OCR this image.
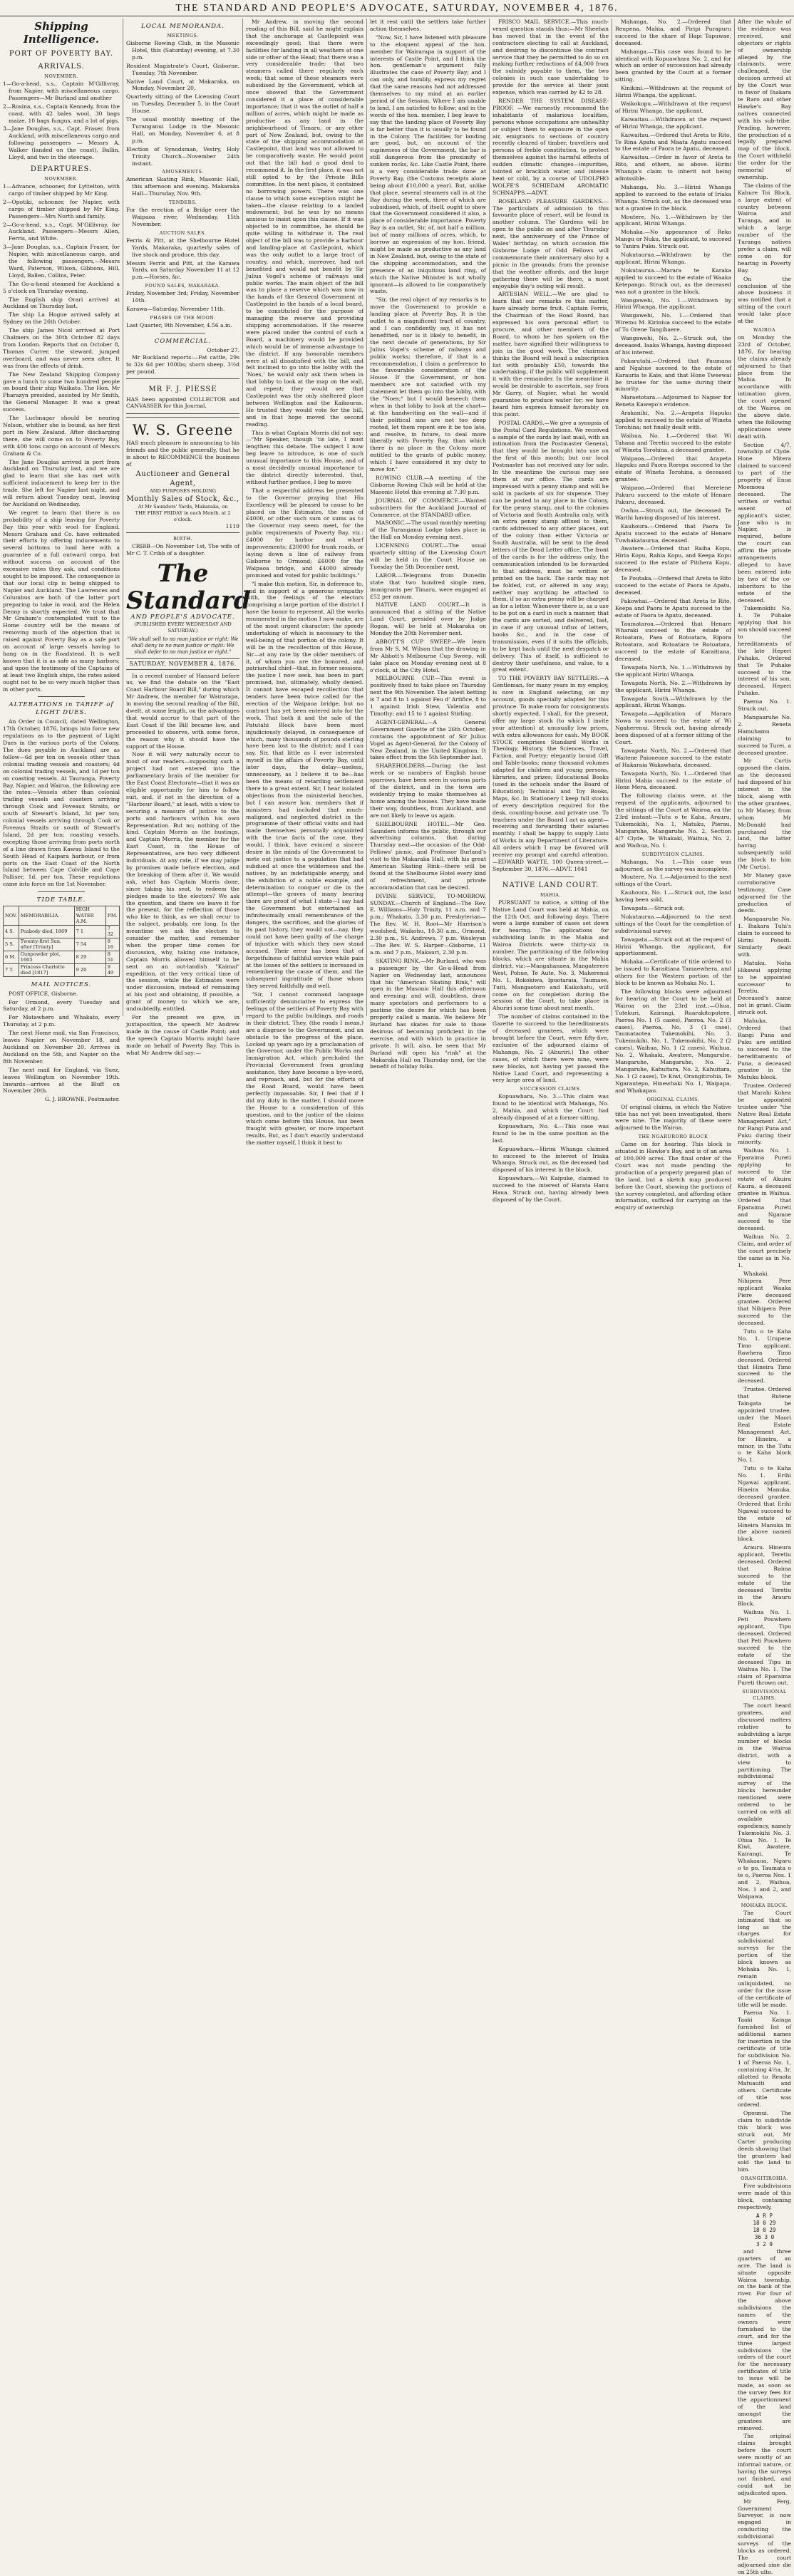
THE STANDARD AND PEOPLE'S ADVOCATE, SATURDAY, NOVEMBER 4, 1876.
Shipping Intelligence.
PORT OF POVERTY BAY.
ARRIVALS.
NOVEMBER.

1—Go-a-head, s.s., Captain M'Gillivray, from Napier, with miscellaneous cargo. Passengers—Mr Burland and another

2—Rosina, s.s., Captain Kennedy, from the coast, with 42 bales wool, 30 bags maize, 10 bags fungus, and a lot of pigs.

3—Jane Douglas, s.s., Capt. Fraser, from Auckland, with miscellaneous cargo and following passengers — Messrs A. Walker (landed on the coast), Ballin, Lloyd, and two in the steerage.

DEPARTURES.
NOVEMBER.

1—Advance, schooner, for Lyttelton, with cargo of timber shipped by Mr King.

2—Opotiki, schooner, for Napier, with cargo of timber shipped by Mr King. Passengers—Mrs North and family.

2—Go-a-head, s.s., Capt. M'Gillivray, for Auckland. Passengers—Messrs Allen, Ferris, and White.

3—Jane Douglas, s.s., Captain Fraser, for Napier, with miscellaneous cargo, and the following passengers,—Messrs Ward, Paterson, Wilson, Gibbons, Hill, Lloyd, Ballen, Collins, Peter.

The Go-a-head steamed for Auckland a 5 o'clock on Thursday evening.

The English ship Orari arrived at Auckland on Thursday last.

The ship La Hogue arrived safely at Sydney on the 26th October.

The ship James Nicol arrived at Port Chalmers on the 30th October 82 days from London. Reports that on October 8, Thomas Currer, the steward, jumped overboard, and was never seen after. It was from the effects of drink.

The New Zealand Shipping Company gave a lunch to some two hundred people on board their ship Waikato. The Hon. Mr Pharazyn presided, assisted by Mr Smith, the General Manager. It was a great success.

The Luchnagar should be nearing Nelson, whither she is bound, as her first port in New Zealand. After discharging there, she will come on to Poverty Bay, with 400 tons cargo on account of Messrs Graham & Co.

The Jane Douglas arrived in port from Auckland on Thursday last, and we are glad to learn that she has met with sufficient inducement to keep her in the trade. She left for Napier last night, and will return about Tuesday next, leaving for Auckland on Wednesday.

We regret to learn that there is no probability of a ship leaving for Poverty Bay this year with wool for England. Messrs Graham and Co. have estimated their efforts by offering inducements to several bottoms to load here with a guarantee of a full outward cargo, but without success on account of the excessive rates they ask, and conditions sought to be imposed. The consequence is that our local clip is being shipped to Napier and Auckland. The Lawrences and Columbus are both of the latter port preparing to take in wool, and the Helen Denny is shortly expected. We trust that Mr Graham's contemplated visit to the Home country will be the means of removing much of the objection that is raised against Poverty Bay as a safe port on account of large vessels having to hang on in the Roadstead. It is well known that it is as safe as many harbors; and upon the testimony of the Captains of at least two English ships, the rates asked ought not to be so very much higher than in other ports.

ALTERATIONS in TARIFF of LIGHT DUES.

An Order in Council, dated Wellington, 17th October, 1876, brings into force new regulations as to the payment of Light Dues in the various ports of the Colony. The dues payable in Auckland are as follow—6d per ton on vessels other than colonial trading vessels and coasters; 4d on colonial trading vessels, and 1d per ton on coasting vessels. At Tauranga, Poverty Bay, Napier, and Wairoa, the following are the rates:—Vessels other than colonial trading vessels and coasters arriving through Cook and Foveaux Straits, or south of Stewart's Island, 3d per ton; colonial vessels arriving through Cook or Foveaux Straits or south of Stewart's Island, 2d per ton; coasting vessels, excepting those arriving from ports north of a line drawn from Kawau Island to the South Head of Kaipara harbour, or from ports on the East Coast of the North Island between Cape Colville and Cape Palliser, 1d. per ton. These regulations came into force on the 1st November.

TIDE TABLE.
NOV.	MEMORABILIA.	HIGH WATER A.M.	P.M.
4 S.	Peabody died, 1869	7 1	7 32
5 S.	Twenty-first Sun. after [Trinity]	7 54	8 16
6 M.	Gunpowder plot, 1605	8 29	8 51
7 T.	Princess Charlotte died [1817]	9 20	9 49
MAIL NOTICES.

POST OFFICE, Gisborne.

For Ormond, every Tuesday and Saturday, at 2 p.m.

For Matawhero and Whakato, every Thursday, at 2 p.m.

The next Home mail, via San Francisco, leaves Napier on November 18, and Auckland on November 20. Arrives in Auckland on the 5th, and Napier on the 8th November.

The next mail for England, via Suez, leaves Wellington on November 19th. Inwards—arrives at the Bluff on November 20th.

G. J. BROWNE, Postmaster.
LOCAL MEMORANDA.
MEETINGS.

Gisborne Rowing Club, in the Masonic Hotel, this (Saturday) evening, at 7.30 p.m.

Resident Magistrate's Court, Gisborne. Tuesday, 7th November.

Native Land Court, at Makaraka, on Monday, November 20.

Quarterly sitting of the Licensing Court on Tuesday, December 5, in the Court House.

The usual monthly meeting of the Turanganui Lodge in the Masonic Hall, on Monday, November 6, at 8 p.m.

Election of Synodsman, Vestry, Holy Trinity Church—November 24th instant.

AMUSEMENTS.

American Skating Rink, Masonic Hall, this afternoon and evening. Makaraka Hall—Thursday, Nov. 9th.

TENDERS.

For the erection of a Bridge over the Waipaoa river, Wednesday, 15th November.

AUCTION SALES.

Ferris & Pitt, at the Shelbourne Hotel Yards, Makaraka, quarterly sales of live stock and produce, this day.

Messrs Ferris and Pitt, at the Karawa Yards, on Saturday November 11 at 12 p.m.—Horses, &c.

POUND SALES, MAKARAKA.

Friday, November 3rd; Friday, November 10th.

Karawa—Saturday, November 11th.

PHASES OF THE MOON.

Last Quarter, 9th November, 4.56 a.m.

COMMERCIAL.
October 27.

Mr Buckland reports:—Fat cattle, 29s to 32s 6d per 100lbs; shorn sheep, 3½d per pound.

MR F. J. PIESSE

HAS been appointed COLLECTOR and CANVASSER for this Journal.

W. S. Greene

HAS much pleasure in announcing to his friends and the public generally, that he is about to RECOMMENCE the business of

Auctioneer and General Agent,
AND PURPOSES HOLDING
Monthly Sales of Stock, &c.,
At Mr Saunders' Yards, Makaraka, on
THE FIRST FRIDAY in each Month, at 2 o'clock.
1119
BIRTH.

CRIBB—On November 1st, The wife of Mr C. T. Cribb of a daughter.

The Standard
AND PEOPLE'S ADVOCATE.
(PUBLISHED EVERY WEDNESDAY AND SATURDAY.)
"We shall sell to no man justice or right: We shall deny to no man justice or right: We shall defer to no man justice or right."
SATURDAY, NOVEMBER 4, 1876.

In a recent number of Hansard before us, we find the debate on the "East Coast Harbour Board Bill," during which Mr Andrew, the member for Wairarapa, in moving the second reading of the Bill, dwelt, at some length, on the advantages that would accrue to that part of the East Coast if the Bill became law, and proceeded to observe, with some force, the reason why it should have the support of the House.

Now it will very naturally occur to most of our readers—supposing such a project had not entered into the parliamentary brain of the member for the East Coast Electorate—that it was an eligible opportunity for him to follow suit, and, if not in the direction of a "Harbour Board," at least, with a view to securing a measure of justice to the ports and harbours within his own Representation. But no; nothing of the kind. Captain Morris as the hustings, and Captain Morris, the member for the East Coast, in the House of Representatives, are two very different individuals. At any rate, if we may judge by promises made before election, and the breaking of them after it. We would ask, what has Captain Morris done, since taking his seat, to redeem the pledges made to the electors? We ask the question, and there we leave it for the present, for the reflection of those who like to think, as we shall recur to the subject, probably, ere long. In the meantime we ask the electors to consider the matter, and remember when the proper time comes for discussion, why, taking one instance, Captain Morris allowed himself to be sent on an out-landish "Kaimai" expedition, at the very critical time of the session, while the Estimates were under discussion, instead of remaining at his post and obtaining, if possible, a grant of money to which we are, undoubtedly, entitled.

For the present we give, in juxtaposition, the speech Mr Andrew made in the cause of Castle Point; and the speech Captain Morris might have made on behalf of Poverty Bay. This is what Mr Andrew did say:—

Mr Andrew, in moving the second reading of this Bill, said he might explain that the anchorage at Castlepoint was exceedingly good; that there were facilities for landing in all weathers at one side or other of the Head; that there was a very considerable trade; that two steamers called there regularly each week; that some of these steamers were subsidised by the Government, which at once showed that the Government considered it a place of considerable importance; that it was the outlet of half a million of acres, which might be made as productive as any land in the neighbourhood of Timaru, or any other part of New Zealand, but, owing to the state of the shipping accommodation at Castlepoint, that land was not allowed to be comparatively waste. He would point out that the bill had a good deal to recommend it. In the first place, it was not still opted to by the Private Bills committee. In the next place, it contained no borrowing powers. There was one clause to which some exception might be taken—the clause relating to a landed endowment; but he was by no means anxious to insist upon this clause. If it was objected to in committee, he should be quite willing to withdraw it. The real object of the bill was to provide a harbour and landing-place at Castlepoint, which was the only outlet to a large tract of country, and which, moreover, had not benefited and would not benefit by Sir Julius Vogel's scheme of railways and public works. The main object of the bill was to place a reserve which was now in the hands of the General Government at Castlepoint in the hands of a local board, to be constituted for the purpose of managing the reserve and providing shipping accommodation. If the reserve were placed under the control of such a Board, a machinery would be provided which would be of immense advantage to the district. If any honorable members were at all dissatisfied with the bill, and felt inclined to go into the lobby with the 'Noes,' he would only ask them when in that lobby to look at the map on the wall, and repent; they would see that Castlepoint was the only sheltered place between Wellington and the Kaikouras. He trusted they would vote for the bill, and in that hope moved the second reading.

This is what Captain Morris did not say:—"Mr Speaker, though 'tis late, I must lengthen this debate. The subject I now beg leave to introduce, is one of such unusual importance to this House, and of a most decidedly unusual importance to the district directly interested, that, without further preface, I beg to move

That a respectful address be presented to the Governor praying that His Excellency will be pleased to cause to be placed on the Estimates, the sum of £4000, or other such sum or sums as to the Governor may seem meet, for the public requirements of Poverty Bay, viz.: £4000 for harbor and wharf improvements; £20000 for trunk roads, or laying down a line of railway from Gisborne to Ormond; £6000 for the Waipaoa bridge, and £4000 already promised and voted for public buildings."

"I make this motion, Sir, in deference to, and in support of a generous sympathy with, the feelings of the electors comprising a large portion of the district I have the honor to represent. All the works enumerated in the motion I now make, are of the most urgent character; the speedy undertaking of which is necessary to the well-being of that portion of the colony. It will be in the recollection of this House, Sir—at any rate by the older members of it, of whom you are the honored, and patriarchal chief—that, in former sessions, the justice I now seek, has been in part promised, but, ultimately, wholly denied. It cannot have escaped recollection that tenders have been twice called for the erection of the Waipaoa bridge, but no contract has yet been entered into for the work. That both it and the sale of the Patutahi Block have been most injudiciously delayed, in consequence of which, many thousands of pounds sterling have been lost to the district; and I can say, Sir, that little as I ever interested myself in the affairs of Poverty Bay, until later days, the delay—useless, unnecessary, as I believe it to be—has been the means of retarding settlement there to a great extent. Sir, I hear isolated objections from the ministerial benches, but I can assure hon. members that if ministers had included that much-maligned, and neglected district in the programme of their official visits and had made themselves personally acquainted with the true facts of the case, they would, I think, have evinced a sincere desire in the minds of the Government to mete out justice to a population that had subdued at once the wilderness and the natives, by an indefatigable energy, and the exhibition of a noble example, and determination to conquer or die in the attempt—the graves of many bearing there are proof of what I state—I say had the Government but entertained an infinitesimally small remembrance of the dangers, the sacrifices, and the glories of its past history, they would not—nay, they could not have been guilty of the charge of injustice with which they now stand accused. Their error has been that of forgetfulness of faithful service while pain at the losses of the settlers is increased in remembering the cause of them, and the subsequent ingratitude of those whom they served faithfully and well.

"Sir, I cannot command language sufficiently denunciative to express the feelings of the settlers of Poverty Bay with regard to the public buildings, and roads in their district. They, (the roads I mean,) are a disgrace to the Government, and an obstacle to the progress of the place. Locked up years ago by a proclamation of the Governor, under the Public Works and Immigration Act, which precluded the Provincial Government from granting assistance, they have become a bye-word, and reproach, and, but for the efforts of the Road Board, would have been perfectly impassable. Sir, I feel that if I did my duty in the matter, I should move the House to a consideration of this question, and to the justice of the claims which come before this House, has been fraught with greater, or more important results. But, as I don't exactly understand the matter myself, I think it best to

let it rest until the settlers take further action themselves.

"Now, Sir, I have listened with pleasure to the eloquent appeal of the hon. member for Wairarapa in support of the interests of Castle Point, and I think the hon. gentleman's argument fully illustrates the case of Poverty Bay; and I can only, and humbly, express my regret that the same reasons had not addressed themselves to my mind at an earlier period of the Session. Where I am unable to land, I am satisfied to follow; and in the words of the hon. member, I beg leave to say that the landing place of Poverty Bay is far better than it is usually to be found in the Colony. The facilities for landing are good, but, on account of the supineness of the Government, the bar is still dangerous from the proximity of sunken rocks, &c. Like Castle Point, there is a very considerable trade done at Poverty Bay, (the Customs receipts alone being about £10,000 a year). But, unlike that place, several steamers call in at the Bay during the week, three of which are subsidised, which, of itself, ought to show that the Government considered it also, a place of considerable importance. Poverty Bay is an outlet, Sir, of, not half a million, but of many millions of acres, which, to borrow an expression of my hon. friend, might be made as productive as any land in New Zealand, but, owing to the state of the shipping accommodation, and the presence of an iniquitous land ring, of which the Native Minister is not wholly ignorant—is allowed to lie comparatively waste.

"Sir, the real object of my remarks is to move the Government to provide a landing place at Poverty Bay. It is the outlet to a magnificent tract of country, and I can confidently say, it has not benefitted, nor is it likely to benefit, in the next decade of generations, by Sir Julius Vogel's scheme of railways and public works; therefore, if that is a recommendation, I claim a preference to the favourable consideration of the House. If the Government, or hon. members are not satisfied with my statement let them go into the lobby, with the "Noes;" but I would beseech them when in that lobby to look at the chart—at the handwriting on the wall—and if their political sins are not too deep rooted, let them repent ere it be too late, and resolve, in future, to deal more liberally with Poverty Bay, than which there is no place in the Colony more entitled to the grants of public money, which I have considered it my duty to move for."

ROWING CLUB.—A meeting of the Gisborne Rowing Club will be held at the Masonic Hotel this evening at 7.30 p.m.

JOURNAL OF COMMERCE.—Wanted subscribers for the Auckland Journal of Commerce, at the STANDARD office.

MASONIC.—The usual monthly meeting of the Turanganui Lodge takes place in the Hall on Monday evening next.

LICENSING COURT.—The usual quarterly sitting of the Licensing Court will be held in the Court House on Tuesday the 5th December next.

LABOR.—Telegrams from Dunedin state that two hundred single men, immigrants per Timaru, were engaged at £52 per annum.

NATIVE LAND COURT.—It is announced that a sitting of the Native Land Court, presided over by Judge Rogan, will be held at Makaraka on Monday the 20th November next.

ABBOTT'S CUP SWEEP.—We learn from Mr S. M. Wilson that the drawing in Mr Abbott's Melbourne Cup Sweep, will take place on Monday evening next at 8 o'clock, at the City Hotel.

MELBOURNE CUP.—This event is positively fixed to take place on Thursday next the 9th November. The latest betting is 7 and 8 to 1 against Feu d' Artifice, 8 to 1 against Irish Stew, Valentia and Timothy; and 15 to 1 against Stirling.

AGENT-GENERAL.—A General Government Gazette of the 26th October, contains the appointment of Sir Julius Vogel as Agent-General, for the Colony of New Zealand, in the United Kingdom. It takes effect from the 5th September last.

SHAREHOLDERS.—During the last week or so numbers of English house sparrows, have been seen in various parts of the district, and in the town are evidently trying to make themselves at home among the houses. They have made their way, doubtless, from Auckland, and are not likely to leave us again.

SHELBOURNE HOTEL.—Mr Geo. Saunders informs the public, through our advertising columns, that during Thursday next—the occasion of the Odd-Fellows' picnic, and Professor Burland's visit to the Makaraka Hall, with his great American Skating Rink—there will be found at the Shelbourne Hotel every kind of refreshment, and private accommodation that can be desired.

DIVINE SERVICE, TO-MORROW, SUNDAY.—Church of England—The Rev. E. Williams—Holy Trinity, 11 a.m. and 7 p.m.; Whakato, 3.30 p.m. Presbyterian—The Rev. W. H. Root—Mr Harrison's woolshed, Waikohu, 10.30 a.m., Ormond, 2.30 p.m., St. Andrews, 7 p.m. Wesleyan—The Rev. W. S. Harper—Gisborne, 11 a.m. and 7 p.m., Makauri, 2.30 p.m.

SKATING RINK.—Mr Burland, who was a passenger by the Go-a-Head from Napier on Wednesday last, announces that his "American Skating Rink," will open in the Masonic Hall this afternoon and evening; and will, doubtless, draw many spectators and performers to a pastime the desire for which has been properly called a mania. We believe Mr Burland has skates for sale to those desirous of becoming proficient in the exercise, and with which to practice in private. It will, also, be seen that Mr Burland will open his "rink" at the Makaraka Hall on Thursday next, for the benefit of holiday folks.

FRISCO MAIL SERVICE.—This much-vexed question stands thus:—Mr Sheehan has moved that in the event of the contractors electing to call at Auckland, and desiring to discontinue the contract service that they be permitted to do so on making further reductions of £4,000 from the subsidy payable to them, the two colonies in such case undertaking to provide for the service at their joint expense, which was carried by 42 to 28.

RENDER THE SYSTEM DISEASE-PROOF. —We earnestly recommend the inhabitants of malarious localities, persons whose occupations are unhealthy or subject them to exposure in the open air, emigrants to sections of country recently cleared of timber, travellers and persons of feeble constitution, to protect themselves against the harmful effects of sudden climatic changes—impurities, tainted or brackish water, and intense heat or cold, by a course of UDOLPHO WOLFE'S SCHIEDAM AROMATIC SCHNAPPS.—ADVT.

ROSELAND PLEASURE GARDENS.—The particulars of admission to this favourite place of resort, will be found in another column. The Gardens will be open to the public on and after Thursday next, the anniversary of the Prince of Wales' birthday, on which occasion the Gisborne Lodge of Odd Fellows will commemorate their anniversary also by a picnic in the grounds; from the promise that the weather affords, and the large gathering there will be there, a most enjoyable day's outing will result.

ARTESIAN WELL.—We are glad to learn that our remarks re this matter, have already borne fruit. Captain Ferris, the Chairman of the Road Board, has expressed his own personal effort to procure, and other members of the Board, to whom he has spoken on the matter, have signified their willingness to join in the good work. The chairman thinks the Board will head a subscription list with probably £50, towards the undertaking, if the public will supplement it with the remainder. In the meantime it would be desirable to ascertain, say from Mr Garry, of Napier, what he would guarantee to produce water for; we have heard him express himself favorably on this point.

POSTAL CARDS.—We give a synopsis of the Postal Card Regulations. We received a sample of the cards by last mail, with an intimation from the Postmaster General, that they would be brought into use on the first of this month; but our local Postmaster has not received any for sale. In the meantime the curious may see them at our office. The cards are impressed with a penny stamp and will be sold in packets of six for sixpence. They can be posted to any place in the Colony, for the penny stamp, and to the colonies of Victoria and South Australia only, with an extra penny stamp affixed to them, cards addressed to any other places, out of the colony than either Victoria or South Australia, will be sent to the dead letters of the Dead Letter office. The front of the cards is for the address only, the communication intended to be forwarded to that address, must be written or printed on the back. The cards may not be folded, cut, or altered in any way; neither may anything be attached to them, if so an extra penny will be charged as for a letter. Whenever there is, as a use to be put on a card in such a manner, that the cards are sorted, and delivered, fast, in case if any unusual influx of letters, books &c., and in the case of transmission, even if it suits the officials, to be kept back until the next despatch or delivery. This of itself, is sufficient to destroy their usefulness, and value, to a great extent.

TO THE POVERTY BAY SETTLERS.—A Gentleman, for many years in my employ, is now in England selecting, on my account, goods specially adapted for this province. To make room for consignments shortly expected, I shall, for the present, offer my large stock (to which I invite your attention) at unusually low prices, with extra allowances for cash. My BOOK STOCK comprises Standard Works in Theology, History, the Sciences, Travel, Fiction, and Poetry; elegantly bound Gift and Table-books; many thousand volumes adapted for children and young persons, libraries, and prizes; Educational Books (used in the schools under the Board of Education); Technical and Toy Books, Maps, &c. In Stationery I keep full stocks of every description required for the desk, counting-house, and private use. To teachers under the Board I act as agent—receiving and forwarding their salaries monthly. I shall be happy to supply Lists of Works in any Department of Literature. All orders which I may be favored will receive my prompt and careful attention.—EDWARD WAYTE, 100 Queen-street.—September 30, 1876.—ADVT. 1041

NATIVE LAND COURT.
MAHIA.

PURSUANT to notice, a sitting of the Native Land Court was held at Mahia, on the 12th Oct. and following days. There were a large number of cases set down for hearing. The applications for subdividing lands in the Mahia and Wairoa Districts were thirty-six in number. The partitioning of the following blocks, which are situate in the Mahia district, viz:—Mangahanaea, Mangaterere West, Pohue, Te Aute, No. 3, Maherenui No. 1, Rokokiwa, Ipuotaraia, Taumaoe, Tuiti, Mangaotoro and Kaikohatu, will come on for completion during the session of the Court, to take place in Ahuriri some time about next month.

The number of claims contained in the Gazette to succeed to the hereditaments of deceased grantees, which were brought before the Court, were fifty-five, exclusive of the adjourned claims of Mahanga, No. 2 (Ahuriri.) The other cases, of which there were nine, were new blocks, not having yet passed the Native Land Court, and representing a very large area of land.

SUCCESSION CLAIMS.

Kopuawhara, No. 3.—This claim was found to be identical with Mahanga, No. 2, Mahia, and which the Court had already disposed of at a former sitting.

Kopuawhara, No. 4.—This case was found to be in the same position as the last.

Kopuawhara.—Hirini Whanga claimed to succeed to the interest of Iriaka Whanga. Struck out, as the deceased had disposed of his interest in the block.

Kopuawhara.—Wi Kaipuke, claimed to succeed to the interest of Harata Hanu Haua. Struck out, having already been disposed of by the Court.

Mahanga, No. 2.—Ordered that Reupena, Mahia, and Piripi Purapuru succeed to the share of Hapi Tapuwae, deceased.

Mahanga.—This case was found to be identical with Kopuawhara No. 2, and for which an order of succession had already been granted by the Court at a former sitting.

Kinikini.—Withdrawn at the request of Hirini Whanga, the applicant.

Waikokopu.—Withdrawn at the request of Hirini Whanga, the applicant.

Kaiwaitau.—Withdrawn at the request of Hirini Whanga, the applicant.

Kaiwaitau.—Ordered that Areta te Rito, Te Rina Apatu and Maata Apatu succeed to the estate of Paora te Apatu, deceased.

Kaiwaitau.—Order in favor of Areta te Rito, and others, as above. Hirini Whanga's claim to inherit not being admissible.

Mahanga, No. 3.—Hirini Whanga applied to succeed to the estate of Iriaka Whanga. Struck out, as the deceased was not a grantee in the block.

Moutere, No. 1.—Withdrawn by the applicant, Hirini Whanga.

Mohaka.—No appearance of Reko Mangu or Nuku, the applicant, to succeed to Tanira Puku. Struck out.

Nukutaurua.—Withdrawn by the applicant, Hirini Whanga.

Nukutaurua.—Marara te Karaka applied to succeed to the estate of Waaka Ketepango. Struck out, as the deceased was not a grantee in the block.

Wangawehi, No. 1.—Withdrawn by Hirini Whanga, the applicant.

Wangawehi, No. 1.—Ordered that Wiremu M. Kiriniua succeed to the estate of To Orene Tangihaere.

Wangawehi, No. 2.—Struck out, the deceased, Iaaka Whanga, having disposed of his interest.

Pakarutahi.—Ordered that Paumana and Ngahue succeed to the estate of Karauria te Kaie, and that Hone Tweewai be trustee for the same during their minority.

Maraetotara.—Adjourned to Napier for Reneta Kawepo's evidence.

Arakanihi, No. 2.—Arapeta Hapuku applied to succeed to the estate of Wineta Torohina; not finally dealt with.

Waihua, No. 1.—Ordered that Wi Tahana and Teretiu succeed to the estate of Wineta Torohina, a deceased grantee.

Waipaoa.—Ordered that Arapeta Hapuku and Paora Roropa succeed to the estate of Wineta Torohina, a deceased grantee.

Waipaoa.—Ordered that Meretene Pakuru succeed to the estate of Henare Pakuru, deceased.

Owhio.—Struck out, the deceased Te Warihi having disposed of his interest.

Kauhoura.—Ordered that Paora Te Apatu succeed to the estate of Henare Tuwhakataurua, deceased.

Awatere.—Ordered that Raiha Kopu, Hiria Kopu, Rahia Kopu, and Keepa Kopu succeed to the estate of Pitihera Kopu, deceased.

Te Poutaka.—Ordered that Areta te Rito succeed to the estate of Paora te Apatu, deceased.

Pakowhai.—Ordered that Areta te Rito, Keepa and Paora te Apatu succeed to the estate of Paora te Apatu, deceased.

Taumataroa.—Ordered that Henare Wharaki succeed to the estate of Rotoatara, Paea of Rotoatara, Ripora Rotoatara, and Rotoatara te Rotoatara, succeed to the estate of Karaitiana, deceased.

Tawapata North, No. 1.—Withdrawn by the applicant Hirini Whanga.

Tawapata North, No. 2.—Withdrawn by the applicant, Hirini Whanga.

Tawapata South.—Withdrawn by the applicant, Hirini Whanga.

Tawapata.—Application of Marara Nowa to succeed to the estate of Wi Ngaherenui. Struck out, having already been disposed of at a former sitting of the Court.

Tawapata North, No. 2.—Ordered that Waitene Paioneone succeed to the estate of Hakaraia Wakawhata, deceased.

Tawapata North, No. 1.—Ordered that Hirini Mahia succeed to the estate of Hone Mera, deceased.

The following claims were, at the request of the applicants, adjourned to the sittings of the Court at Wairoa, on the 23rd instant:—Tutu o te Kaha, Arauru, Tukemokihi, No. 1, Matuku, Pierau, Mangaruhe, Mangaruhe No. 2, Section 4/7 Clyde, Te Whakaki, Waihua, No. 2, and Waihua, No. 1.

SUBDIVISION CLAIMS.

Mahanga, No. 1.—This case was adjourned, as the survey was incomplete.

Moutere, No. 1.—Adjourned to the next sittings of the Court.

Kauhoura, No. 1.—Struck out, the land having been sold.

Tawapata.—Struck out.

Nukutaurua.—Adjourned to the next sittings of the Court for the completion of subdivisional survey.

Tawapata.—Struck out at the request of Hirini Whanga, the applicant, for apportionment.

Mohaka.—Certificate of title ordered to be issued to Karaitiana Tamaewhera, and others for the Western portion of the block to be known as Mohaka No. 1.

The following blocks were adjourned for hearing at the Court to be held at Wairoa on the 23rd inst.:—Ohua, Tutekuri, Kairangi, Ruarakitoputere, Paeroa No. 1 (5 cases), Paeroa, No. 2 (3 cases), Paeroa, No. 3 (1 case), Taumataotea Tukemokihi, No. 3, Tukemokihi, No. 1, Tukemokihi, No. 2 (2 cases), Waihua, No. 1 (2 cases), Waihua, No. 2, Whakaki, Awatere, Mangaruhe, Mangaruhe, Mangaruhe, No. 2, Mangaruhe, Kahuitara, No. 2, Kahuitara, No. 1 (2 cases), Te Kiwi, Orangitirohia, Te Ngarautepo, Hinewhaki No. 1, Waipapa, and Whakapau.

ORIGINAL CLAIMS.

Of original claims, in which the Native title has not yet been investigated, there were nine. The majority of these were adjourned to the Wairoa.

THE NGARURORO BLOCK

Came on for hearing. This block is situated in Hawke's Bay, and is of an area of 100,000 acres. The final order of the Court was not made pending the production of a properly prepared plan of the land, but a sketch map produced before the Court, showing the portions of the survey completed, and affording other information, sufficed for carrying on the enquiry of ownership

After the whole of the evidence was received, and objectors or rights of ownership alleged by the claimants, were challenged, the decision arrived at by the Court was in favor of Ihakara te Raro and other Hawke's Bay natives connected with his sub-tribe. Pending, however, the production of a legally prepared map of the block, the Court withheld the order for the memorial of ownership.

The claims of the Kahure Toi Block, a large extent of country between Wairoa and Turanga, and in which a large number of the Turanga natives prefer a claim, will come on for hearing in Poverty Bay.

On the conclusion of the above business it was notified that a sitting of the court would take place at the

WAIROA

on Monday the 23rd of October, 1876, for hearing the claims already adjourned to that place from the Mahia. In accordance with intimation given, the court opened at the Wairoa on the above date, when the following applications were dealt with.

Section 4/7, township of Clyde. Hone Mitera claimed to succeed to part of the property of Enua Moemoea deceased. The written or verbal assent of applicant's sister, Jane who is in Napier, is required, before the court can affirm the private arrangements alleged to have been entered into by two of the co-inheritors to the estate of the deceased.

Tukemokihi No. 1. Te Puhake applying that his son should succeed to the hereditaments of the late Heperi Puhake. Ordered that Te Puhake succeed to the interest of his son, deceased, Heperi Puhake.

Paeroa No. 1. Struck out.

Mangaaruhe No. 2. Reneta Hamuhamu claiming to succeed to Turei, a deceased grantee.

Mr Curtis opposed the claim, as the deceased had disposed of his interest in the block, along with the other grantees, to Mr Maney, from whom Mr McDonald had purchased the land, the latter having subsequently sold the block to him (Mr Curtis).

Mr Maney gave corroborative testimony. Case adjourned for the production of deeds.

Mangaaruhe No. 1. Ihakara Tuhi's claim to succeed to Hirini Pohoiti. Similarly dealt with.

Matuku. Noha Hikawai applying to be appointed successor to Teretiu. Deceased's name not in grant. Claim struck out.

Mahuka. Ordered that Rangi Puna and Puku are entitled to succeed to the hereditaments of Puna, a deceased grantee in the Matuku block.

Trustee. Ordered that Marahi Kohea be appointed trustee under "the Native Real Estate Management Act," for Rangi Puna and Puku during their minority.

Waihua No. 1. Eparaima Pureti applying to succeed to the estate of Akuira Kaura, a deceased grantee in Waihua. Ordered that Eparaima Pureti and Ngamoe succeed to the deceased.

Waihua No. 2. Claim, and order of the court precisely the same as in No. 1.

Whakaki. Nihipera Pere applicant Waaka Piere deceased grantee. Ordered that Nihipera Pere succeed to the deceased.

Tutu o te Kaha No. 1. Urupene Timo applicant. Rawhera Timo deceased. Ordered that Hineira Timo succeed to the deceased.

Trustee. Ordered that Rutene Taingata be appointed trustee, under the Maori Real Estate Management Act, for Hineira, a minor, in the Tutu o te Kaha block No. 1.

Tutu o te Kaha No. 1. Erihi Ngawai applicant, Hineira Manuka, deceased grantee. Ordered that Erihi Ngawai succeed to the estate of Hineira Manuka in the above named block.

Arauru. Hineura applicant, Teretiu deceased. Ordered that Raima succeed to the estate of the deceased Teretiu in the Arauru Block.

Waihua No. 1. Peti Pouwhero applicant, Tipu deceased. Ordered that Peti Pouwhero succeed to the estate of the deceased Tipu in Waihua No. 1. The claim of Eparaima Pureti thrown out.

SUBDIVISIONAL CLAIMS.

The court heard grantees, and discussed matters relative to subdividing a large number of blocks in the Wairoa district, with a view to partitioning. The subdivisional survey of the blocks hereunder mentioned were ordered to be carried on with all available expediency, namely Tukemokihi No. 3. Ohua No. 1. Te Kiwi, Awatere, Kairangi, Te Whakaaua, Ngaru o te po, Taumata o te o, Paeroa Nos. 1 and 2, Waihua, Nos. 1 and 2, and Waipawa.

MOHAKA BLOCK.

The Court intimated that so long as the charges for subdivisional surveys for the portion of the block known as Mohaka No. 1, remain unliquidated, no order for the issue of the certificate of title will be made.

Paeroa No. 1. Taaki Kainga furnished list of additional names for insertion in the certificate of title for subdivision No. 1 of Paeroa No. 1, containing 4½a. 3r, allotted to Renata Matuauiti and others. Certificate of title was ordered.

Opounui. The claim to subdivide this block was struck out, Mr Carter producing deeds showing that the grantees had sold the land to him.

ORANGITIROHIA.

Five subdivisions were made of this block, containing respectively,

A R P
18 0 29
18 0 29
36 3 0
3 2 9

and three quarters of an acre. The land is situate opposite Wairoa township, on the bank of the river. For four of the above subdivisions the names of the owners were furnished to the court, and for the three largest subdivisions the orders of the court for the necessary certificates of title to issue will be made, as soon as the survey fees for the apportionment of the land amongst the grantees are removed.

The original claims brought before the court were mostly of an informal nature, or having the surveys not finished, and could not be adjudicated upon.

Mr Ferg, Government Surveyor, is now engaged in conducting the subdivisional surveys of the blocks as ordered. The court adjourned sine die on 25th ulto.
